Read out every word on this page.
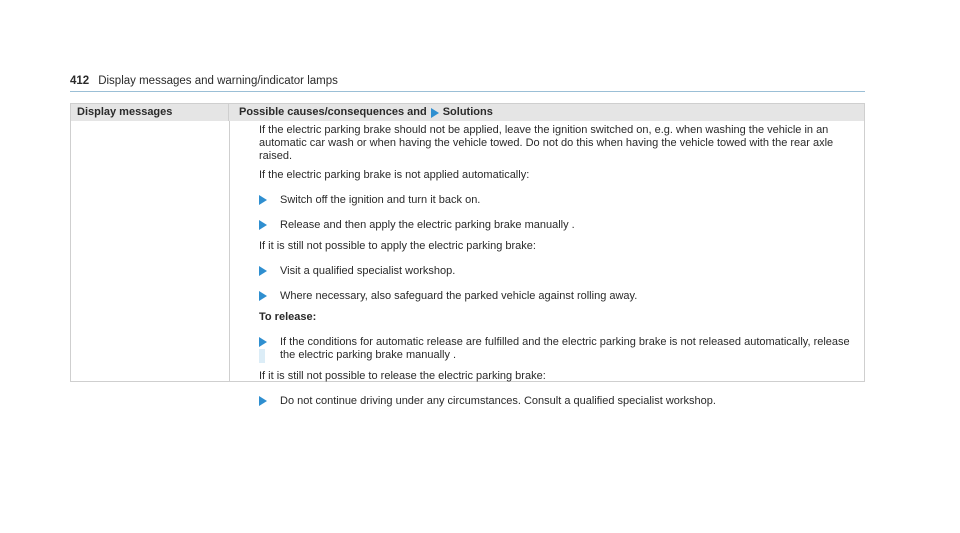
412 Display messages and warning/indicator lamps
Display messages	Possible causes/consequences and Solutions

If the electric parking brake should not be applied, leave the ignition switched on, e.g. when washing the vehicle in an automatic car wash or when having the vehicle towed. Do not do this when having the vehicle towed with the rear axle raised.

If the electric parking brake is not applied automatically:

Switch off the ignition and turn it back on.
Release and then apply the electric parking brake manually .

If it is still not possible to apply the electric parking brake:

Visit a qualified specialist workshop.
Where necessary, also safeguard the parked vehicle against rolling away.
To release:
If the conditions for automatic release are fulfilled and the electric parking brake is not released automatically, release the electric parking brake manually .

If it is still not possible to release the electric parking brake:

Do not continue driving under any circumstances. Consult a qualified specialist workshop.
